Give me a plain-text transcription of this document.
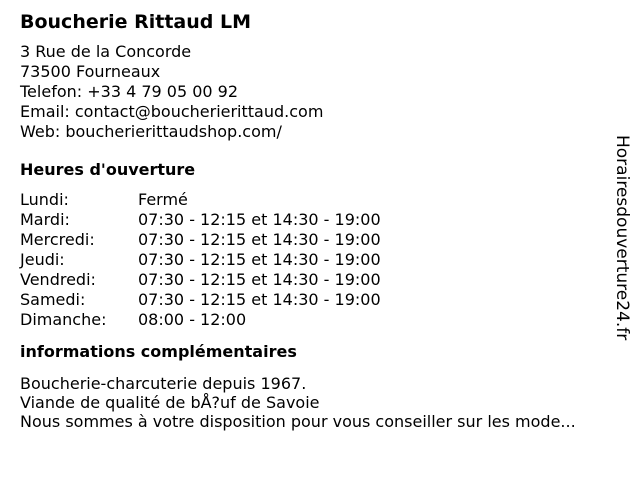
Boucherie Rittaud LM
3 Rue de la Concorde
73500 Fourneaux
Telefon: +33 4 79 05 00 92
Email: contact@boucherierittaud.com
Web: boucherierittaudshop.com/
Heures d'ouverture
Lundi:	Fermé
Mardi:	07:30 - 12:15 et 14:30 - 19:00
Mercredi:	07:30 - 12:15 et 14:30 - 19:00
Jeudi:	07:30 - 12:15 et 14:30 - 19:00
Vendredi:	07:30 - 12:15 et 14:30 - 19:00
Samedi:	07:30 - 12:15 et 14:30 - 19:00
Dimanche:	08:00 - 12:00
informations complémentaires
Boucherie-charcuterie depuis 1967.
Viande de qualité de bÅ?uf de Savoie
Nous sommes à votre disposition pour vous conseiller sur les mode...
Horairesdouverture24.fr
